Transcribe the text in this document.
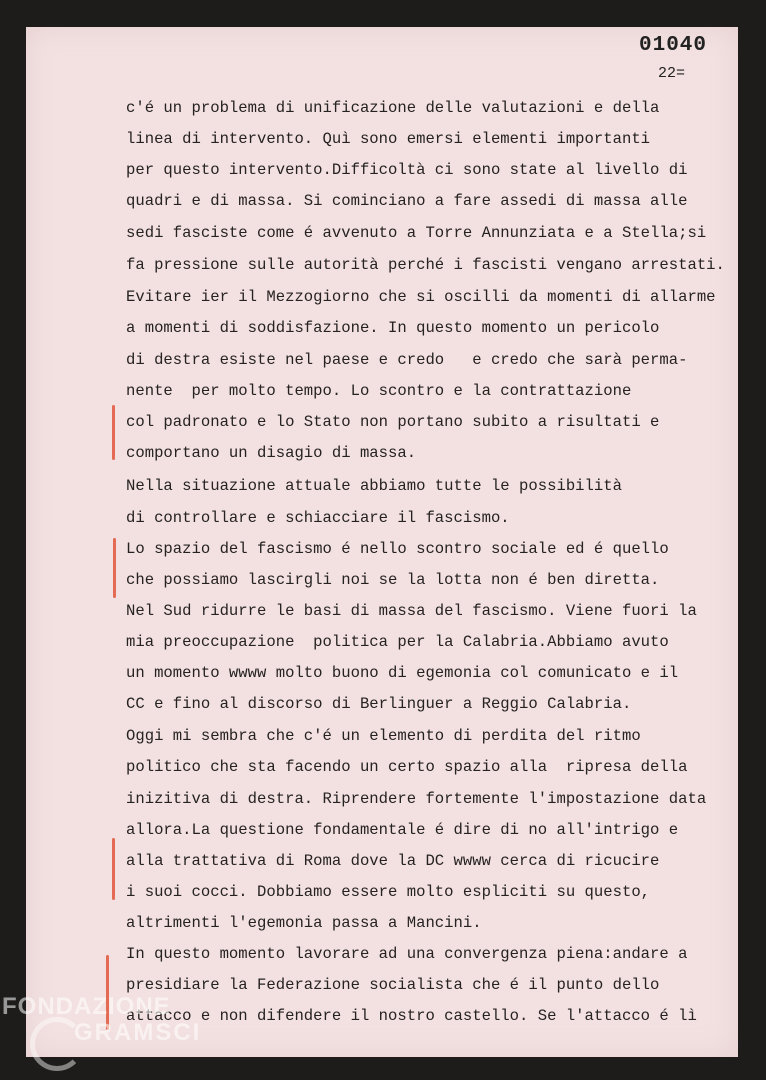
01040
22=
c'é un problema di unificazione delle valutazioni e della
linea di intervento. Quì sono emersi elementi importanti
per questo intervento.Difficoltà ci sono state al livello di
quadri e di massa. Si cominciano a fare assedi di massa alle
sedi fasciste come é avvenuto a Torre Annunziata e a Stella;si
fa pressione sulle autorità perché i fascisti vengano arrestati.
Evitare ier il Mezzogiorno che si oscilli da momenti di allarme
a momenti di soddisfazione. In questo momento un pericolo
di destra esiste nel paese e credo   e credo che sarà perma-
nente  per molto tempo. Lo scontro e la contrattazione
col padronato e lo Stato non portano subito a risultati e
comportano un disagio di massa.
Nella situazione attuale abbiamo tutte le possibilità
di controllare e schiacciare il fascismo.
Lo spazio del fascismo é nello scontro sociale ed é quello
che possiamo lascirgli noi se la lotta non é ben diretta.
Nel Sud ridurre le basi di massa del fascismo. Viene fuori la
mia preoccupazione  politica per la Calabria.Abbiamo avuto
un momento wwww molto buono di egemonia col comunicato e il
CC e fino al discorso di Berlinguer a Reggio Calabria.
Oggi mi sembra che c'é un elemento di perdita del ritmo
politico che sta facendo un certo spazio alla  ripresa della
inizitiva di destra. Riprendere fortemente l'impostazione data
allora.La questione fondamentale é dire di no all'intrigo e
alla trattativa di Roma dove la DC wwww cerca di ricucire
i suoi cocci. Dobbiamo essere molto espliciti su questo,
altrimenti l'egemonia passa a Mancini.
In questo momento lavorare ad una convergenza piena:andare a
presidiare la Federazione socialista che é il punto dello
attacco e non difendere il nostro castello. Se l'attacco é lì
FONDAZIONE
GRAMSCI
